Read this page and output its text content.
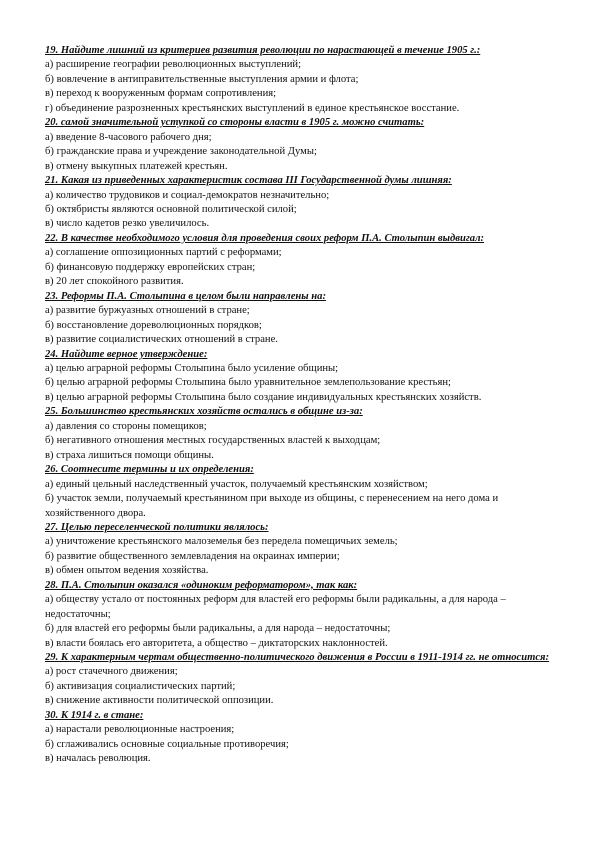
19. Найдите лишний из критериев развития революции по нарастающей в течение 1905 г.:
а) расширение географии революционных выступлений;
б) вовлечение в антиправительственные выступления армии и флота;
в) переход к вооруженным формам сопротивления;
г) объединение разрозненных крестьянских выступлений в единое крестьянское восстание.
20. самой значительной уступкой со стороны власти в 1905 г. можно считать:
а) введение 8-часового рабочего дня;
б) гражданские права и учреждение законодательной Думы;
в) отмену выкупных платежей крестьян.
21. Какая из приведенных характеристик состава III Государственной думы лишняя:
а) количество трудовиков и социал-демократов незначительно;
б) октябристы являются основной политической силой;
в) число кадетов резко увеличилось.
22. В качестве необходимого условия для проведения своих реформ П.А. Столыпин выдвигал:
а) соглашение оппозиционных партий с реформами;
б) финансовую поддержку европейских стран;
в) 20 лет спокойного развития.
23. Реформы П.А. Столыпина в целом были направлены на:
а) развитие буржуазных отношений в стране;
б) восстановление дореволюционных порядков;
в) развитие социалистических отношений в стране.
24. Найдите верное утверждение:
а) целью аграрной реформы Столыпина было усиление общины;
б) целью аграрной реформы Столыпина было уравнительное землепользование крестьян;
в) целью аграрной реформы Столыпина было создание индивидуальных крестьянских хозяйств.
25. Большинство крестьянских хозяйств остались в общине из-за:
а) давления со стороны помещиков;
б) негативного отношения местных государственных властей к выходцам;
в) страха лишиться помощи общины.
26. Соотнесите термины и их определения:
а) единый цельный наследственный участок, получаемый крестьянским хозяйством;
б) участок земли, получаемый крестьянином при выходе из общины, с перенесением на него дома и хозяйственного двора.
27. Целью переселенческой политики являлось:
а) уничтожение крестьянского малоземелья без передела помещичьих земель;
б) развитие общественного землевладения на окраинах империи;
в) обмен опытом ведения хозяйства.
28. П.А. Столыпин оказался «одиноким реформатором», так как:
а) обществу устало от постоянных реформ для властей его реформы были радикальны, а для народа – недостаточны;
б) для властей его реформы были радикальны, а для народа – недостаточны;
в) власти боялась его авторитета, а общество – диктаторских наклонностей.
29. К характерным чертам общественно-политического движения в России в 1911-1914 гг. не относится:
а) рост стачечного движения;
б) активизация социалистических партий;
в) снижение активности политической оппозиции.
30. К 1914 г. в стане:
а) нарастали революционные настроения;
б) сглаживались основные социальные противоречия;
в) началась революция.
